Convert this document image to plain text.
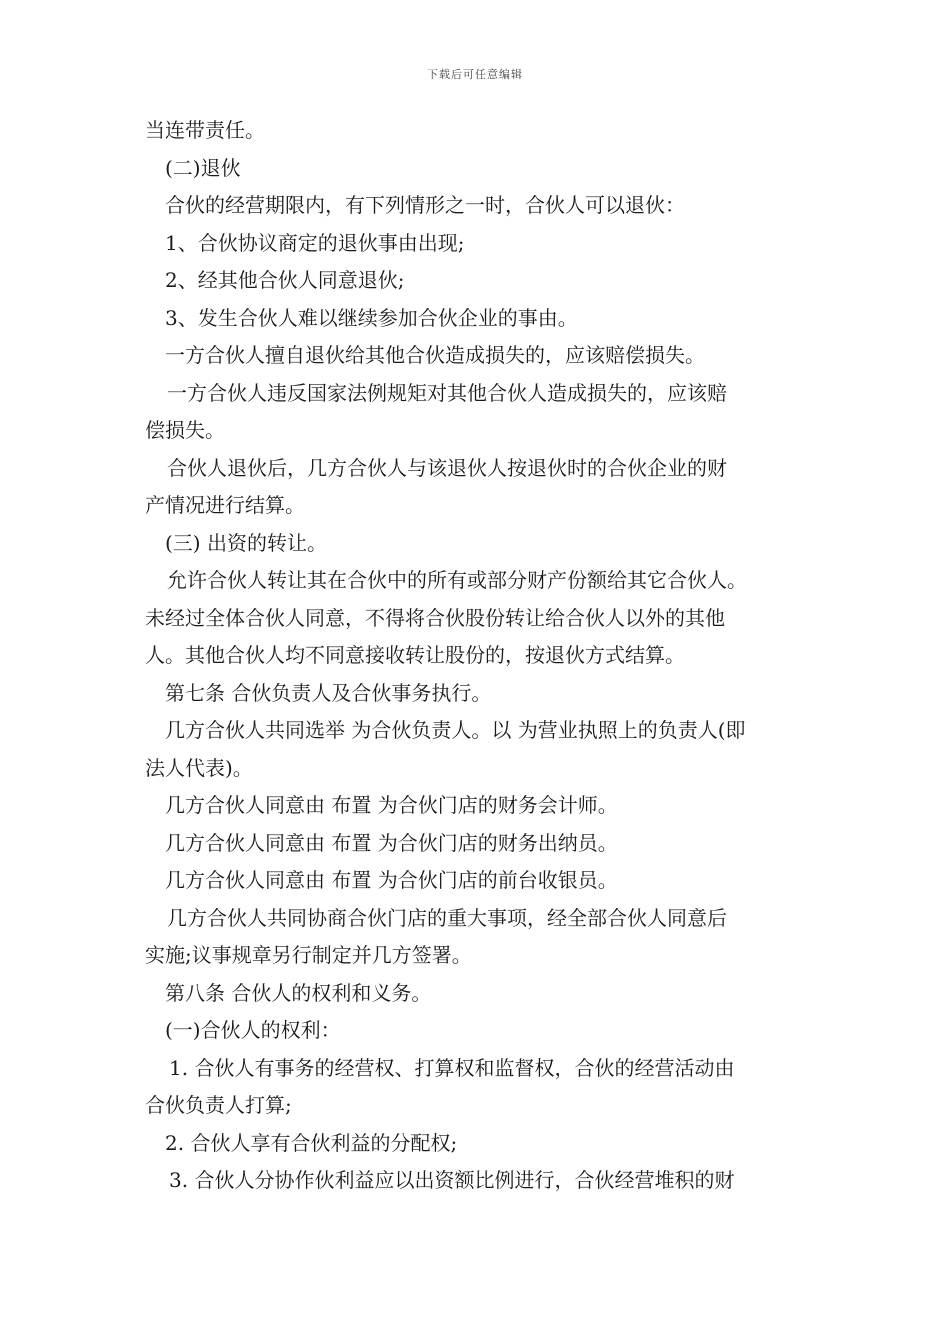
下载后可任意编辑
当连带责任。
(二)退伙
合伙的经营期限内，有下列情形之一时，合伙人可以退伙：
1、合伙协议商定的退伙事由出现;
2、经其他合伙人同意退伙;
3、发生合伙人难以继续参加合伙企业的事由。
一方合伙人擅自退伙给其他合伙造成损失的，应该赔偿损失。
一方合伙人违反国家法例规矩对其他合伙人造成损失的，应该赔
偿损失。
合伙人退伙后，几方合伙人与该退伙人按退伙时的合伙企业的财
产情况进行结算。
(三) 出资的转让。
允许合伙人转让其在合伙中的所有或部分财产份额给其它合伙人。
未经过全体合伙人同意，不得将合伙股份转让给合伙人以外的其他
人。其他合伙人均不同意接收转让股份的，按退伙方式结算。
第七条 合伙负责人及合伙事务执行。
几方合伙人共同选举 为合伙负责人。以 为营业执照上的负责人(即
法人代表)。
几方合伙人同意由 布置 为合伙门店的财务会计师。
几方合伙人同意由 布置 为合伙门店的财务出纳员。
几方合伙人同意由 布置 为合伙门店的前台收银员。
几方合伙人共同协商合伙门店的重大事项，经全部合伙人同意后
实施;议事规章另行制定并几方签署。
第八条 合伙人的权利和义务。
(一)合伙人的权利：
1. 合伙人有事务的经营权、打算权和监督权，合伙的经营活动由
合伙负责人打算;
2. 合伙人享有合伙利益的分配权;
3. 合伙人分协作伙利益应以出资额比例进行，合伙经营堆积的财
